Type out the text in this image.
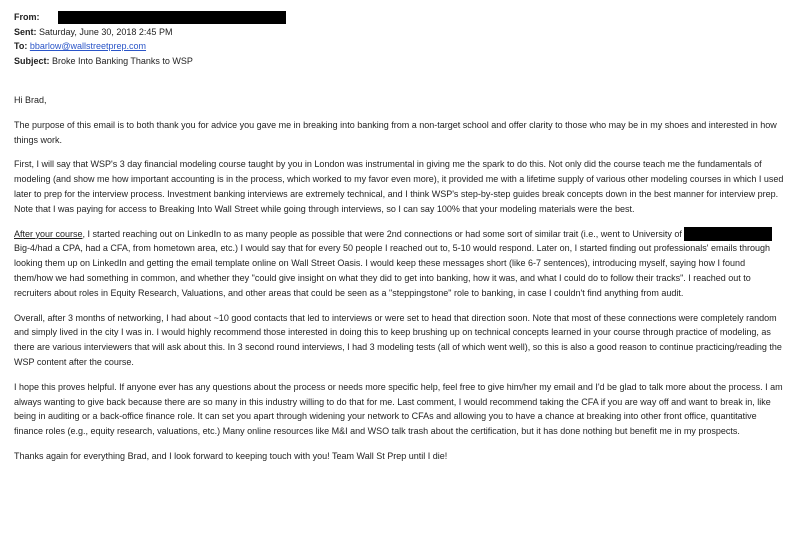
From:
Sent: Saturday, June 30, 2018 2:45 PM
To: bbarlow@wallstreetprep.com
Subject: Broke Into Banking Thanks to WSP

Hi Brad,

The purpose of this email is to both thank you for advice you gave me in breaking into banking from a non-target school and offer clarity to those who may be in my shoes and interested in how things work.

First, I will say that WSP's 3 day financial modeling course taught by you in London was instrumental in giving me the spark to do this. Not only did the course teach me the fundamentals of modeling (and show me how important accounting is in the process, which worked to my favor even more), it provided me with a lifetime supply of various other modeling courses in which I used later to prep for the interview process. Investment banking interviews are extremely technical, and I think WSP's step-by-step guides break concepts down in the best manner for interview prep. Note that I was paying for access to Breaking Into Wall Street while going through interviews, so I can say 100% that your modeling materials were the best.

After your course, I started reaching out on LinkedIn to as many people as possible that were 2nd connections or had some sort of similar trait (i.e., went to University of  Big-4/had a CPA, had a CFA, from hometown area, etc.) I would say that for every 50 people I reached out to, 5-10 would respond. Later on, I started finding out professionals' emails through looking them up on LinkedIn and getting the email template online on Wall Street Oasis. I would keep these messages short (like 6-7 sentences), introducing myself, saying how I found them/how we had something in common, and whether they "could give insight on what they did to get into banking, how it was, and what I could do to follow their tracks". I reached out to recruiters about roles in Equity Research, Valuations, and other areas that could be seen as a "steppingstone" role to banking, in case I couldn't find anything from audit.

Overall, after 3 months of networking, I had about ~10 good contacts that led to interviews or were set to head that direction soon. Note that most of these connections were completely random and simply lived in the city I was in. I would highly recommend those interested in doing this to keep brushing up on technical concepts learned in your course through practice of modeling, as there are various interviewers that will ask about this. In 3 second round interviews, I had 3 modeling tests (all of which went well), so this is also a good reason to continue practicing/reading the WSP content after the course.

I hope this proves helpful. If anyone ever has any questions about the process or needs more specific help, feel free to give him/her my email and I'd be glad to talk more about the process. I am always wanting to give back because there are so many in this industry willing to do that for me. Last comment, I would recommend taking the CFA if you are way off and want to break in, like being in auditing or a back-office finance role. It can set you apart through widening your network to CFAs and allowing you to have a chance at breaking into other front office, quantitative finance roles (e.g., equity research, valuations, etc.) Many online resources like M&I and WSO talk trash about the certification, but it has done nothing but benefit me in my prospects.

Thanks again for everything Brad, and I look forward to keeping touch with you! Team Wall St Prep until I die!
